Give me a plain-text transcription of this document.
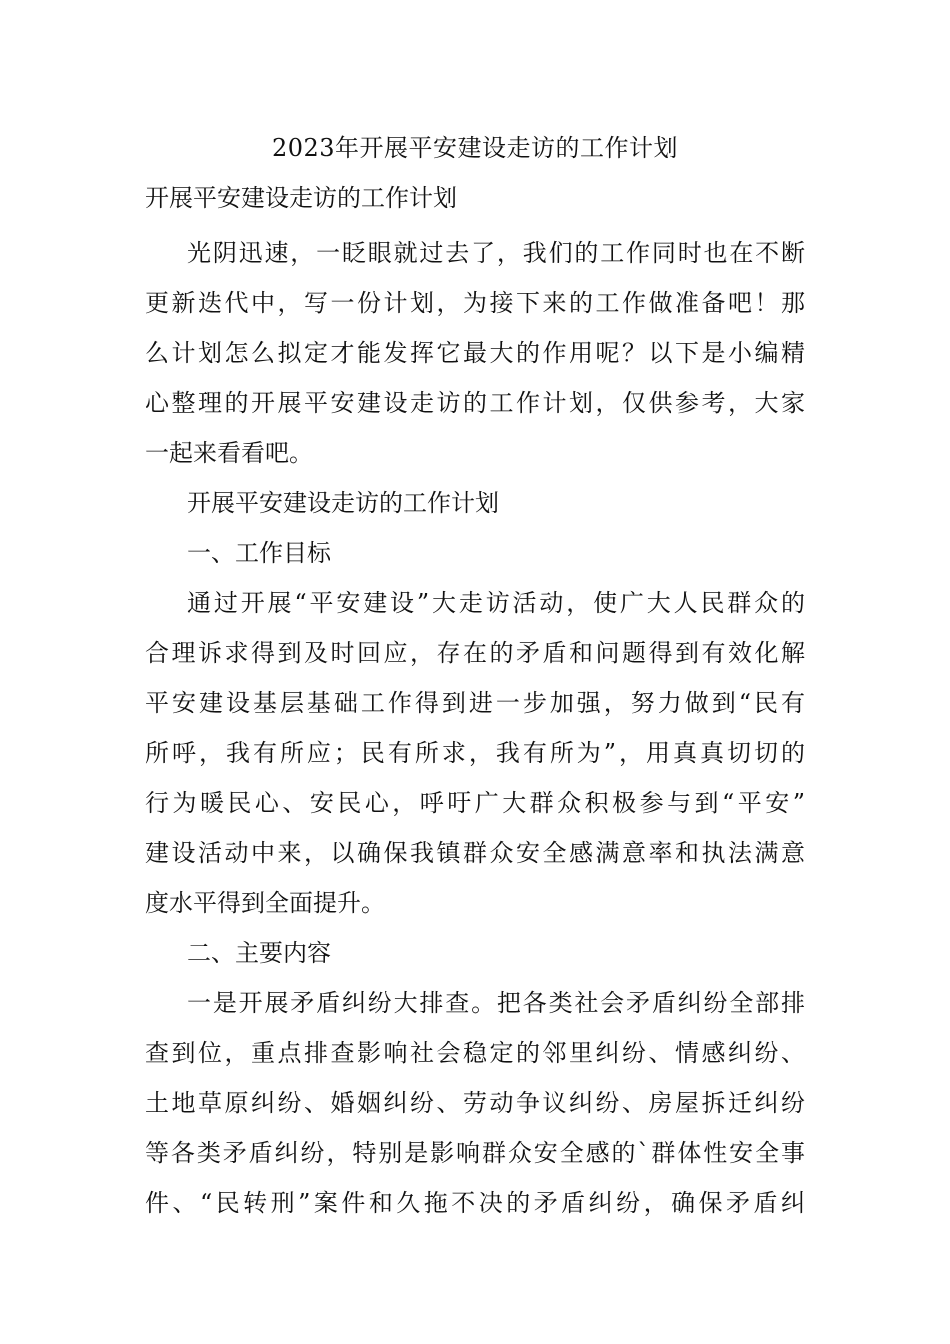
2023年开展平安建设走访的工作计划
开展平安建设走访的工作计划
光阴迅速，一眨眼就过去了，我们的工作同时也在不断
更新迭代中，写一份计划，为接下来的工作做准备吧！那
么计划怎么拟定才能发挥它最大的作用呢？以下是小编精
心整理的开展平安建设走访的工作计划，仅供参考，大家
一起来看看吧。
开展平安建设走访的工作计划
一、工作目标
通过开展“平安建设”大走访活动，使广大人民群众的
合理诉求得到及时回应，存在的矛盾和问题得到有效化解
平安建设基层基础工作得到进一步加强，努力做到“民有
所呼，我有所应；民有所求，我有所为”，用真真切切的
行为暖民心、安民心，呼吁广大群众积极参与到“平安”
建设活动中来，以确保我镇群众安全感满意率和执法满意
度水平得到全面提升。
二、主要内容
一是开展矛盾纠纷大排查。把各类社会矛盾纠纷全部排
查到位，重点排查影响社会稳定的邻里纠纷、情感纠纷、
土地草原纠纷、婚姻纠纷、劳动争议纠纷、房屋拆迁纠纷
等各类矛盾纠纷，特别是影响群众安全感的`群体性安全事
件、“民转刑”案件和久拖不决的矛盾纠纷，确保矛盾纠
